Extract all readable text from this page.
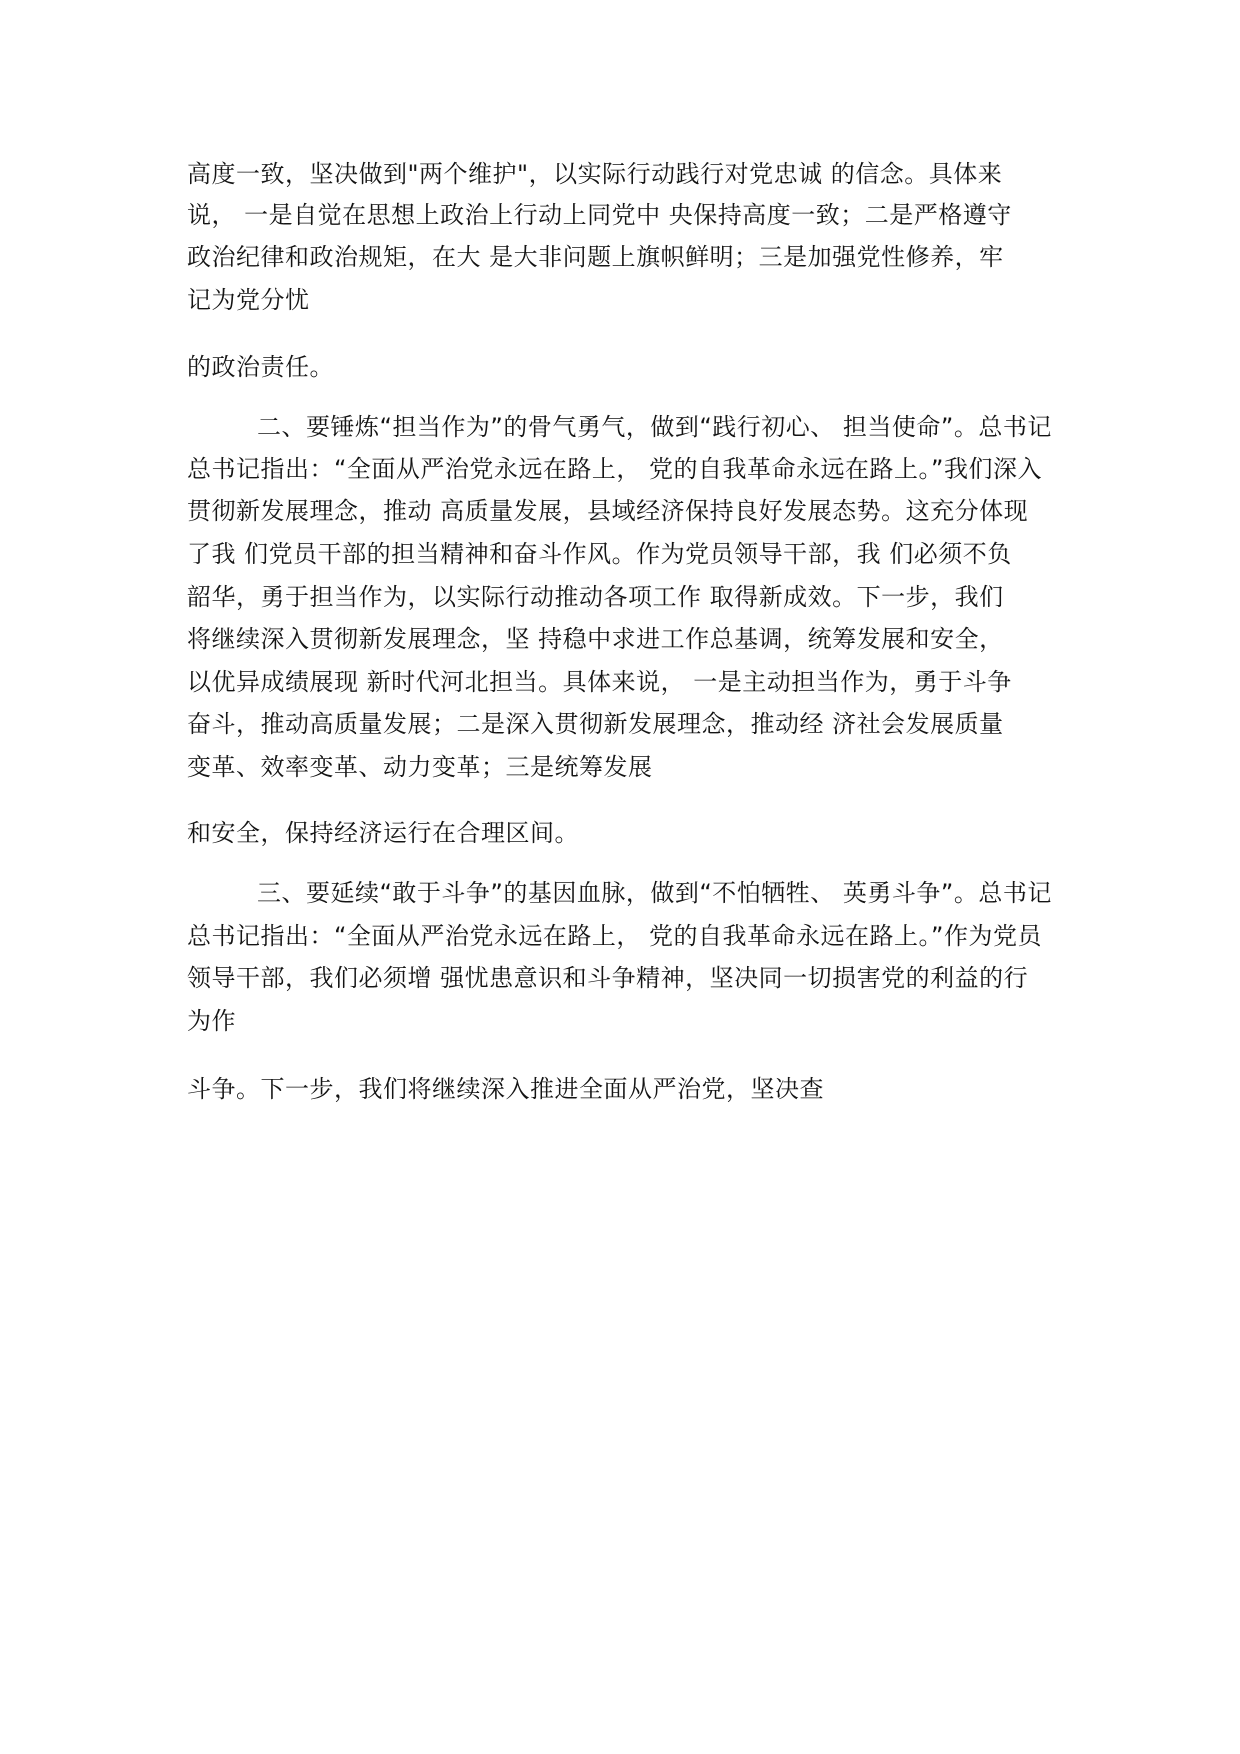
高度一致，坚决做到"两个维护"，以实际行动践行对党忠诚 的信念。具体来

说， 一是自觉在思想上政治上行动上同党中 央保持高度一致；二是严格遵守

政治纪律和政治规矩，在大 是大非问题上旗帜鲜明；三是加强党性修养，牢

记为党分忧

的政治责任。

二、要锤炼“担当作为”的骨气勇气，做到“践行初心、 担当使命”。总书记

总书记指出：“全面从严治党永远在路上， 党的自我革命永远在路上。”我们深入

贯彻新发展理念，推动 高质量发展，县域经济保持良好发展态势。这充分体现

了我 们党员干部的担当精神和奋斗作风。作为党员领导干部，我 们必须不负

韶华，勇于担当作为，以实际行动推动各项工作 取得新成效。下一步，我们

将继续深入贯彻新发展理念，坚 持稳中求进工作总基调，统筹发展和安全，

以优异成绩展现 新时代河北担当。具体来说， 一是主动担当作为，勇于斗争

奋斗，推动高质量发展；二是深入贯彻新发展理念，推动经 济社会发展质量

变革、效率变革、动力变革；三是统筹发展

和安全，保持经济运行在合理区间。

三、要延续“敢于斗争”的基因血脉，做到“不怕牺牲、 英勇斗争”。总书记

总书记指出：“全面从严治党永远在路上， 党的自我革命永远在路上。”作为党员

领导干部，我们必须增 强忧患意识和斗争精神，坚决同一切损害党的利益的行

为作

斗争。下一步，我们将继续深入推进全面从严治党，坚决查
